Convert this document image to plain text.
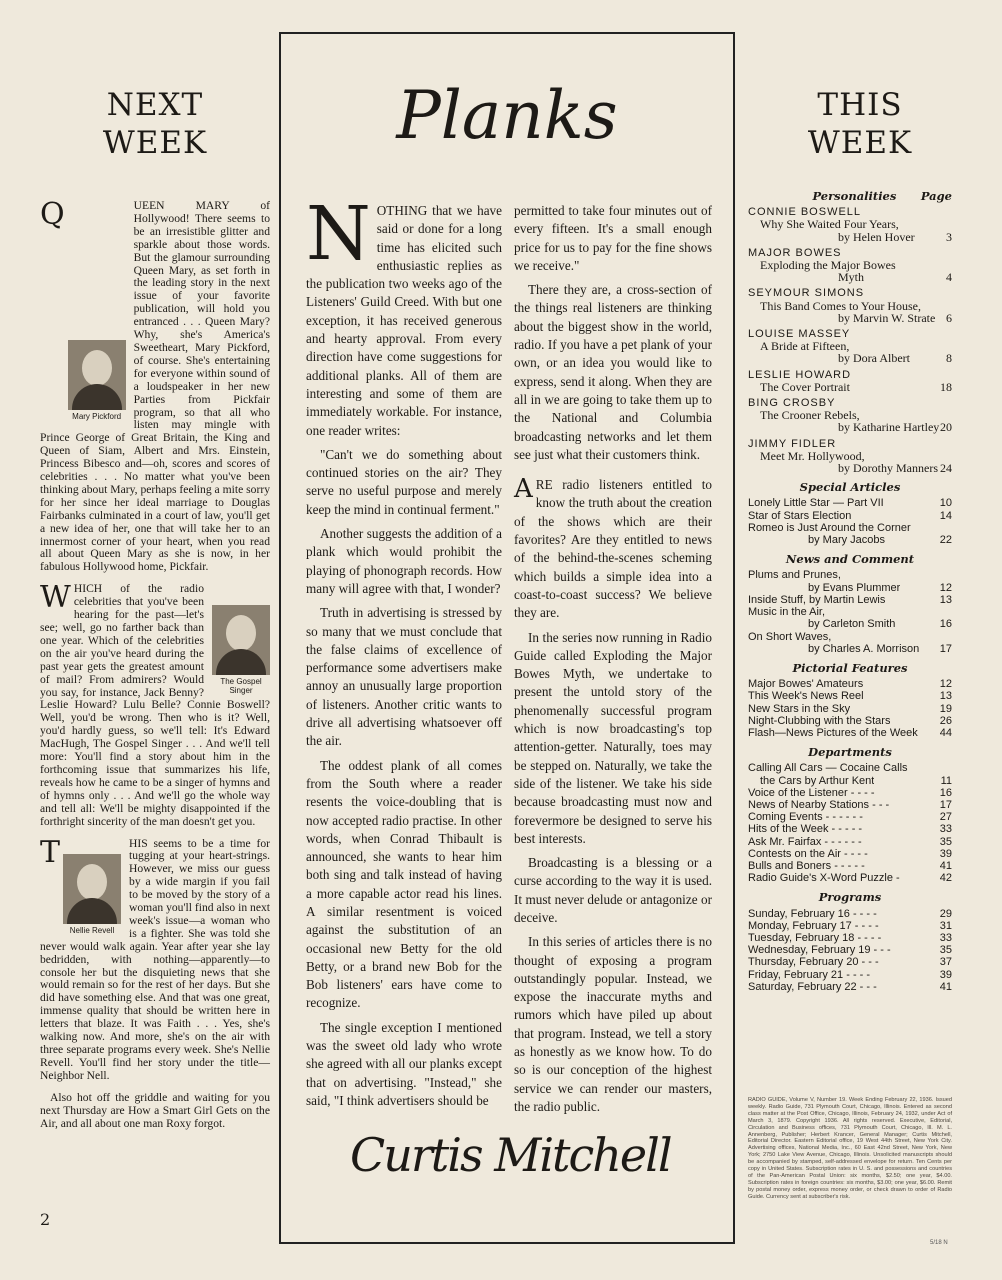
NEXT
WEEK

Q
Mary Pickford
UEEN MARY of Hollywood! There seems to be an irresistible glitter and sparkle about those words. But the glamour surrounding Queen Mary, as set forth in the leading story in the next issue of your favorite publication, will hold you entranced . . . Queen Mary? Why, she's America's Sweetheart, Mary Pickford, of course. She's entertaining for everyone within sound of a loudspeaker in her new Parties from Pickfair program, so that all who listen may mingle with Prince George of Great Britain, the King and Queen of Siam, Albert and Mrs. Einstein, Princess Bibesco and—oh, scores and scores of celebrities . . . No matter what you've been thinking about Mary, perhaps feeling a mite sorry for her since her ideal marriage to Douglas Fairbanks culminated in a court of law, you'll get a new idea of her, one that will take her to an innermost corner of your heart, when you read all about Queen Mary as she is now, in her fabulous Hollywood home, Pickfair.

W
The Gospel Singer
HICH of the radio celebrities that you've been hearing for the past—let's see; well, go no farther back than one year. Which of the celebrities on the air you've heard during the past year gets the greatest amount of mail? From admirers? Would you say, for instance, Jack Benny? Leslie Howard? Lulu Belle? Connie Boswell? Well, you'd be wrong. Then who is it? Well, you'd hardly guess, so we'll tell: It's Edward MacHugh, The Gospel Singer . . . And we'll tell more: You'll find a story about him in the forthcoming issue that summarizes his life, reveals how he came to be a singer of hymns and of hymns only . . . And we'll go the whole way and tell all: We'll be mighty disappointed if the forthright sincerity of the man doesn't get you.

T
Nellie Revell
HIS seems to be a time for tugging at your heart-strings. However, we miss our guess by a wide margin if you fail to be moved by the story of a woman you'll find also in next week's issue—a woman who is a fighter. She was told she never would walk again. Year after year she lay bedridden, with nothing—apparently—to console her but the disquieting news that she would remain so for the rest of her days. But she did have something else. And that was one great, immense quality that should be written here in letters that blaze. It was Faith . . . Yes, she's walking now. And more, she's on the air with three separate programs every week. She's Nellie Revell. You'll find her story under the title—Neighbor Nell.

Also hot off the griddle and waiting for you next Thursday are How a Smart Girl Gets on the Air, and all about one man Roxy forgot.

2
Planks

N OTHING that we have said or done for a long time has elicited such enthusiastic replies as the publication two weeks ago of the Listeners' Guild Creed. With but one exception, it has received generous and hearty approval. From every direction have come suggestions for additional planks. All of them are interesting and some of them are immediately workable. For instance, one reader writes:

"Can't we do something about continued stories on the air? They serve no useful purpose and merely keep the mind in continual ferment."

Another suggests the addition of a plank which would prohibit the playing of phonograph records. How many will agree with that, I wonder?

Truth in advertising is stressed by so many that we must conclude that the false claims of excellence of performance some advertisers make annoy an unusually large proportion of listeners. Another critic wants to drive all advertising whatsoever off the air.

The oddest plank of all comes from the South where a reader resents the voice-doubling that is now accepted radio practise. In other words, when Conrad Thibault is announced, she wants to hear him both sing and talk instead of having a more capable actor read his lines. A similar resentment is voiced against the substitution of an occasional new Betty for the old Betty, or a brand new Bob for the Bob listeners' ears have come to recognize.

The single exception I mentioned was the sweet old lady who wrote she agreed with all our planks except that on advertising. "Instead," she said, "I think advertisers should be

permitted to take four minutes out of every fifteen. It's a small enough price for us to pay for the fine shows we receive."

There they are, a cross-section of the things real listeners are thinking about the biggest show in the world, radio. If you have a pet plank of your own, or an idea you would like to express, send it along. When they are all in we are going to take them up to the National and Columbia broadcasting networks and let them see just what their customers think.

A RE radio listeners entitled to know the truth about the creation of the shows which are their favorites? Are they entitled to news of the behind-the-scenes scheming which builds a simple idea into a coast-to-coast success? We believe they are.

In the series now running in Radio Guide called Exploding the Major Bowes Myth, we undertake to present the untold story of the phenomenally successful program which is now broadcasting's top attention-getter. Naturally, toes may be stepped on. Naturally, we take the side of the listener. We take his side because broadcasting must now and forevermore be designed to serve his best interests.

Broadcasting is a blessing or a curse according to the way it is used. It must never delude or antagonize or deceive.

In this series of articles there is no thought of exposing a program outstandingly popular. Instead, we expose the inaccurate myths and rumors which have piled up about that program. Instead, we tell a story as honestly as we know how. To do so is our conception of the highest service we can render our masters, the radio public.

Curtis Mitchell
THIS
WEEK
Personalities Page
CONNIE BOSWELL
Why She Waited Four Years,
by Helen Hover	3
MAJOR BOWES
Exploding the Major Bowes
Myth	4
SEYMOUR SIMONS
This Band Comes to Your House,
by Marvin W. Strate 6
LOUISE MASSEY
A Bride at Fifteen,
by Dora Albert	8
LESLIE HOWARD
The Cover Portrait	18
BING CROSBY
The Crooner Rebels,
by Katharine Hartley 20
JIMMY FIDLER
Meet Mr. Hollywood,
by Dorothy Manners 24
Special Articles
Lonely Little Star — Part VII	10
Star of Stars Election	14
Romeo is Just Around the Corner
by Mary Jacobs	22
News and Comment
Plums and Prunes,
by Evans Plummer	12
Inside Stuff, by Martin Lewis	13
Music in the Air,
by Carleton Smith	16
On Short Waves,
by Charles A. Morrison	17
Pictorial Features
Major Bowes' Amateurs	12
This Week's News Reel	13
New Stars in the Sky	19
Night-Clubbing with the Stars	26
Flash—News Pictures of the Week	44
Departments
Calling All Cars — Cocaine Calls
the Cars by Arthur Kent	11
Voice of the Listener - - - -	16
News of Nearby Stations - - -	17
Coming Events - - - - - -	27
Hits of the Week - - - - -	33
Ask Mr. Fairfax - - - - - -	35
Contests on the Air - - - -	39
Bulls and Boners - - - - -	41
Radio Guide's X-Word Puzzle -	42
Programs
Sunday, February 16 - - - -	29
Monday, February 17 - - - -	31
Tuesday, February 18 - - - -	33
Wednesday, February 19 - - -	35
Thursday, February 20 - - -	37
Friday, February 21 - - - -	39
Saturday, February 22 - - -	41
RADIO GUIDE, Volume V, Number 19. Week Ending February 22, 1936. Issued weekly. Radio Guide, 731 Plymouth Court, Chicago, Illinois. Entered as second class matter at the Post Office, Chicago, Illinois, February 24, 1932, under Act of March 3, 1879. Copyright 1936. All rights reserved. Executive, Editorial, Circulation and Business offices, 731 Plymouth Court, Chicago, Ill. M. L. Annenberg, Publisher; Herbert Krancer, General Manager; Curtis Mitchell, Editorial Director. Eastern Editorial office, 19 West 44th Street, New York City. Advertising offices, National Media, Inc., 60 East 42nd Street, New York, New York; 2750 Lake View Avenue, Chicago, Illinois. Unsolicited manuscripts should be accompanied by stamped, self-addressed envelope for return. Ten Cents per copy in United States. Subscription rates in U. S. and possessions and countries of the Pan-American Postal Union: six months, $2.50; one year, $4.00. Subscription rates in foreign countries: six months, $3.00; one year, $6.00. Remit by postal money order, express money order, or check drawn to order of Radio Guide. Currency sent at subscriber's risk.
5/18 N
